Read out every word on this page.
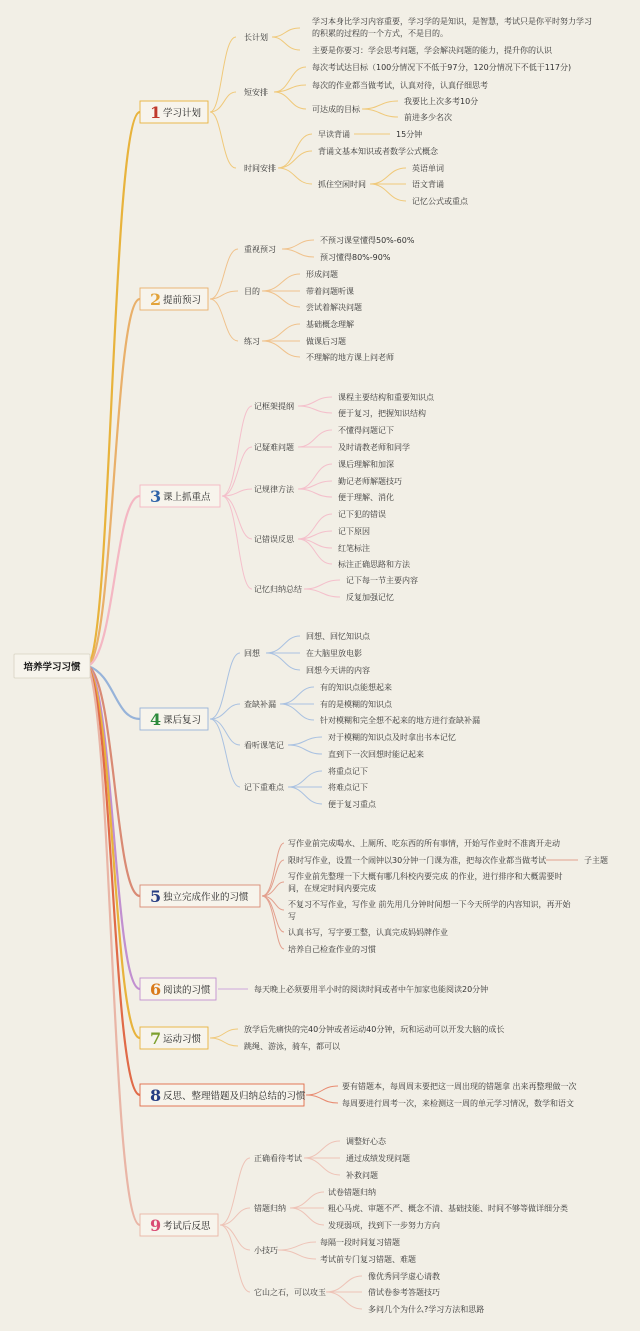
培养学习习惯
1 学习计划
长计划
学习本身比学习内容重要，学习学的是知识，是智慧，考试只是你平时努力学习
的积累的过程的一个方式，不是目的。
主要是你要习：学会思考问题，学会解决问题的能力，提升你的认识
短安排
每次考试达目标（100分情况下不低于97分，120分情况下不低于117分)
每次的作业都当做考试，认真对待，认真仔细思考
可达成的目标
我要比上次多考10分
前进多少名次
时间安排
早读背诵	15分钟
背诵文基本知识或者数学公式概念
抓住空闲时间
英语单词
语文背诵
记忆公式或重点
2 提前预习
重视预习
不预习课堂懂得50%-60%
预习懂得80%-90%
目的
形成问题
带着问题听课
尝试着解决问题
练习
基础概念理解
做课后习题
不理解的地方课上问老师
3 课上抓重点
记框架提纲
课程主要结构和重要知识点
便于复习，把握知识结构
记疑难问题
不懂得问题记下
及时请教老师和同学
记规律方法
课后理解和加深
勤记老师解题技巧
便于理解、消化
记错误反思
记下犯的错误
记下原因
红笔标注
标注正确思路和方法
记忆归纳总结
记下每一节主要内容
反复加强记忆
4 课后复习
回想
回想、回忆知识点
在大脑里放电影
回想今天讲的内容
查缺补漏
有的知识点能想起来
有的是模糊的知识点
针对模糊和完全想不起来的地方进行查缺补漏
看听课笔记
对于模糊的知识点及时拿出书本记忆
直到下一次回想时能记起来
记下重难点
将重点记下
将难点记下
便于复习重点
5 独立完成作业的习惯
写作业前完成喝水、上厕所、吃东西的所有事情，开始写作业时不准离开走动
限时写作业，设置一个闹钟以30分钟一门课为准，把每次作业都当做考试	子主题
写作业前先整理一下大概有哪几科校内要完成 的作业，进行排序和大概需要时
间，在规定时间内要完成
不复习不写作业，写作业 前先用几分钟时间想一下今天所学的内容知识，再开始
写
认真书写，写字要工整，认真完成妈妈牌作业
培养自己检查作业的习惯
6 阅读的习惯	每天晚上必须要用半小时的阅读时间或者中午加家也能阅读20分钟
7 运动习惯
放学后先痛快的完40分钟或者运动40分钟，玩和运动可以开发大脑的成长
跳绳、游泳，骑车，都可以
8 反思、整理错题及归纳总结的习惯
要有错题本，每周周末要把这一周出现的错题拿 出来再整理做一次
每周要进行周考一次，来检测这一周的单元学习情况，数学和语文
9 考试后反思
正确看待考试
调整好心态
通过成绩发现问题
补救问题
错题归纳
试卷错题归纳
粗心马虎、审题不严、概念不清、基础技能、时间不够等做详细分类
发现弱项，找到下一步努力方向
小技巧
每隔一段时间复习错题
考试前专门复习错题、难题
它山之石，可以攻玉
像优秀同学虚心请教
借试卷参考答题技巧
多问几个为什么?学习方法和思路
